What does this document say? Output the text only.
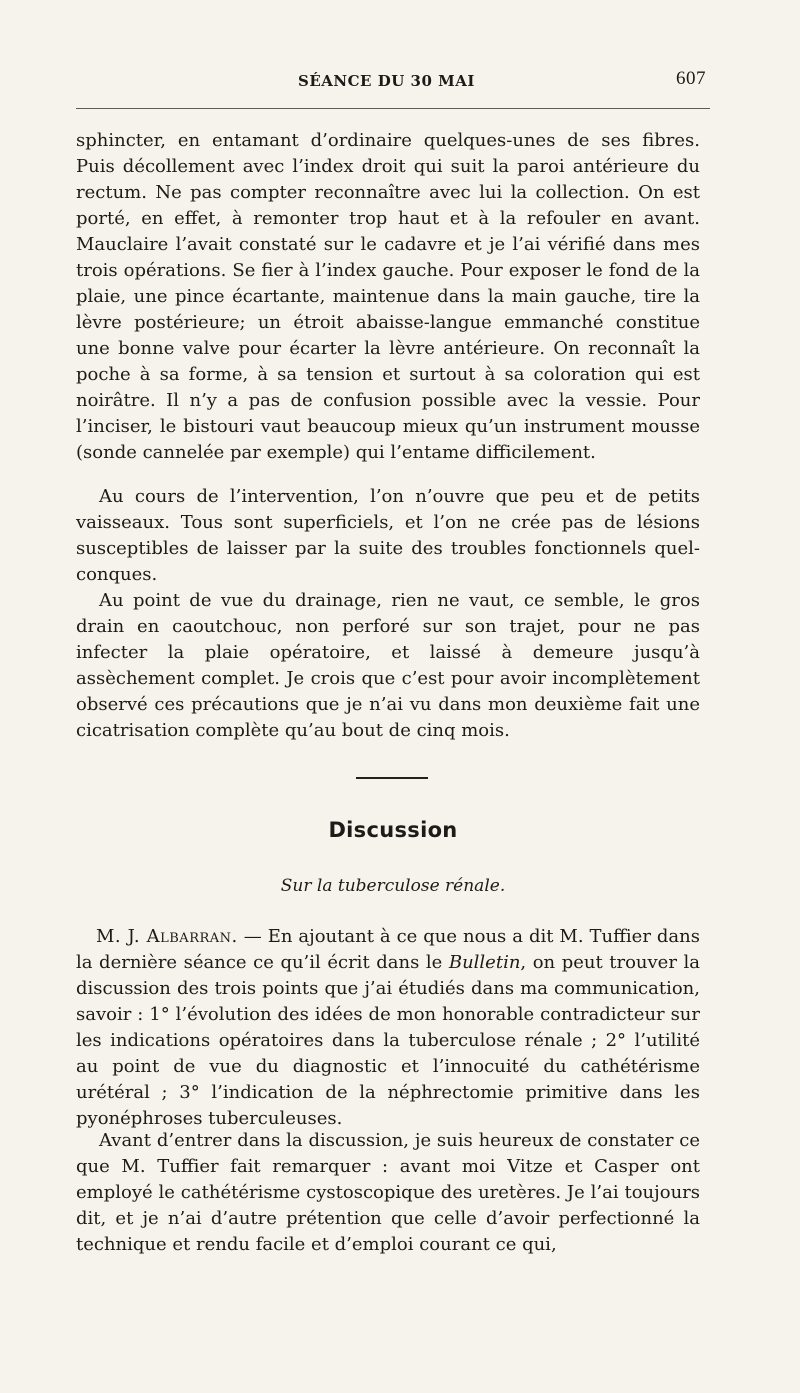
SÉANCE DU 30 MAI	607

sphincter, en entamant d’ordinaire quelques-unes de ses fibres. Puis décollement avec l’index droit qui suit la paroi antérieure du rectum. Ne pas compter reconnaître avec lui la collection. On est porté, en effet, à remonter trop haut et à la refouler en avant. Mauclaire l’avait constaté sur le cadavre et je l’ai vérifié dans mes trois opérations. Se fier à l’index gauche. Pour exposer le fond de la plaie, une pince écartante, maintenue dans la main gauche, tire la lèvre postérieure; un étroit abaisse-langue emmanché constitue une bonne valve pour écarter la lèvre antérieure. On reconnaît la poche à sa forme, à sa tension et surtout à sa coloration qui est noirâtre. Il n’y a pas de confusion possible avec la vessie. Pour l’inciser, le bistouri vaut beaucoup mieux qu’un instrument mousse (sonde cannelée par exemple) qui l’entame difficilement.

Au cours de l’intervention, l’on n’ouvre que peu et de petits vaisseaux. Tous sont superficiels, et l’on ne crée pas de lésions susceptibles de laisser par la suite des troubles fonctionnels quelconques.

Au point de vue du drainage, rien ne vaut, ce semble, le gros drain en caoutchouc, non perforé sur son trajet, pour ne pas infecter la plaie opératoire, et laissé à demeure jusqu’à assèchement complet. Je crois que c’est pour avoir incomplètement observé ces précautions que je n’ai vu dans mon deuxième fait une cicatrisation complète qu’au bout de cinq mois.

Discussion
Sur la tuberculose rénale.

M. J. Albarran. — En ajoutant à ce que nous a dit M. Tuffier dans la dernière séance ce qu’il écrit dans le Bulletin, on peut trouver la discussion des trois points que j’ai étudiés dans ma communication, savoir : 1° l’évolution des idées de mon honorable contradicteur sur les indications opératoires dans la tuberculose rénale ; 2° l’utilité au point de vue du diagnostic et l’innocuité du cathétérisme urétéral ; 3° l’indication de la néphrectomie primitive dans les pyonéphroses tuberculeuses.

Avant d’entrer dans la discussion, je suis heureux de constater ce que M. Tuffier fait remarquer : avant moi Vitze et Casper ont employé le cathétérisme cystoscopique des uretères. Je l’ai toujours dit, et je n’ai d’autre prétention que celle d’avoir perfectionné la technique et rendu facile et d’emploi courant ce qui,
